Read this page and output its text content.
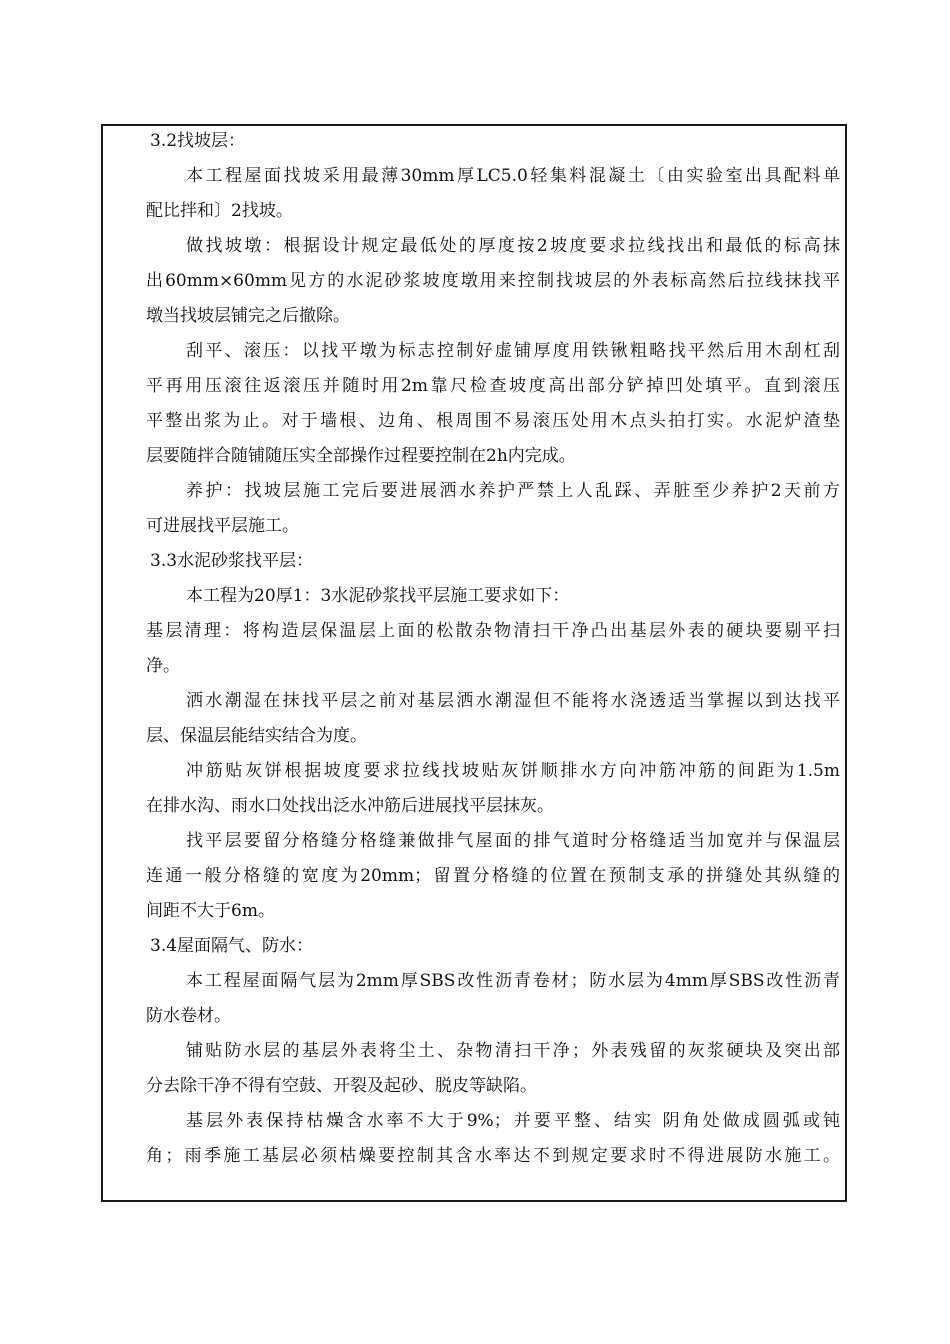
3.2找坡层：
本工程屋面找坡采用最薄30mm厚LC5.0轻集料混凝土〔由实验室出具配料单
配比拌和〕2找坡。
做找坡墩：根据设计规定最低处的厚度按2坡度要求拉线找出和最低的标高抹
出60mm×60mm见方的水泥砂浆坡度墩用来控制找坡层的外表标高然后拉线抹找平
墩当找坡层铺完之后撤除。
刮平、滚压：以找平墩为标志控制好虚铺厚度用铁锹粗略找平然后用木刮杠刮
平再用压滚往返滚压并随时用2m靠尺检查坡度高出部分铲掉凹处填平。直到滚压
平整出浆为止。对于墙根、边角、根周围不易滚压处用木点头拍打实。水泥炉渣垫
层要随拌合随铺随压实全部操作过程要控制在2h内完成。
养护：找坡层施工完后要进展洒水养护严禁上人乱踩、弄脏至少养护2天前方
可进展找平层施工。
3.3水泥砂浆找平层：
本工程为20厚1：3水泥砂浆找平层施工要求如下：
基层清理：将构造层保温层上面的松散杂物清扫干净凸出基层外表的硬块要剔平扫
净。
洒水潮湿在抹找平层之前对基层洒水潮湿但不能将水浇透适当掌握以到达找平
层、保温层能结实结合为度。
冲筋贴灰饼根据坡度要求拉线找坡贴灰饼顺排水方向冲筋冲筋的间距为1.5m
在排水沟、雨水口处找出泛水冲筋后进展找平层抹灰。
找平层要留分格缝分格缝兼做排气屋面的排气道时分格缝适当加宽并与保温层
连通一般分格缝的宽度为20mm；留置分格缝的位置在预制支承的拼缝处其纵缝的
间距不大于6m。
3.4屋面隔气、防水：
本工程屋面隔气层为2mm厚SBS改性沥青卷材；防水层为4mm厚SBS改性沥青
防水卷材。
铺贴防水层的基层外表将尘土、杂物清扫干净；外表残留的灰浆硬块及突出部
分去除干净不得有空鼓、开裂及起砂、脱皮等缺陷。
基层外表保持枯燥含水率不大于9%；并要平整、结实 阴角处做成圆弧或钝
角；雨季施工基层必须枯燥要控制其含水率达不到规定要求时不得进展防水施工。
